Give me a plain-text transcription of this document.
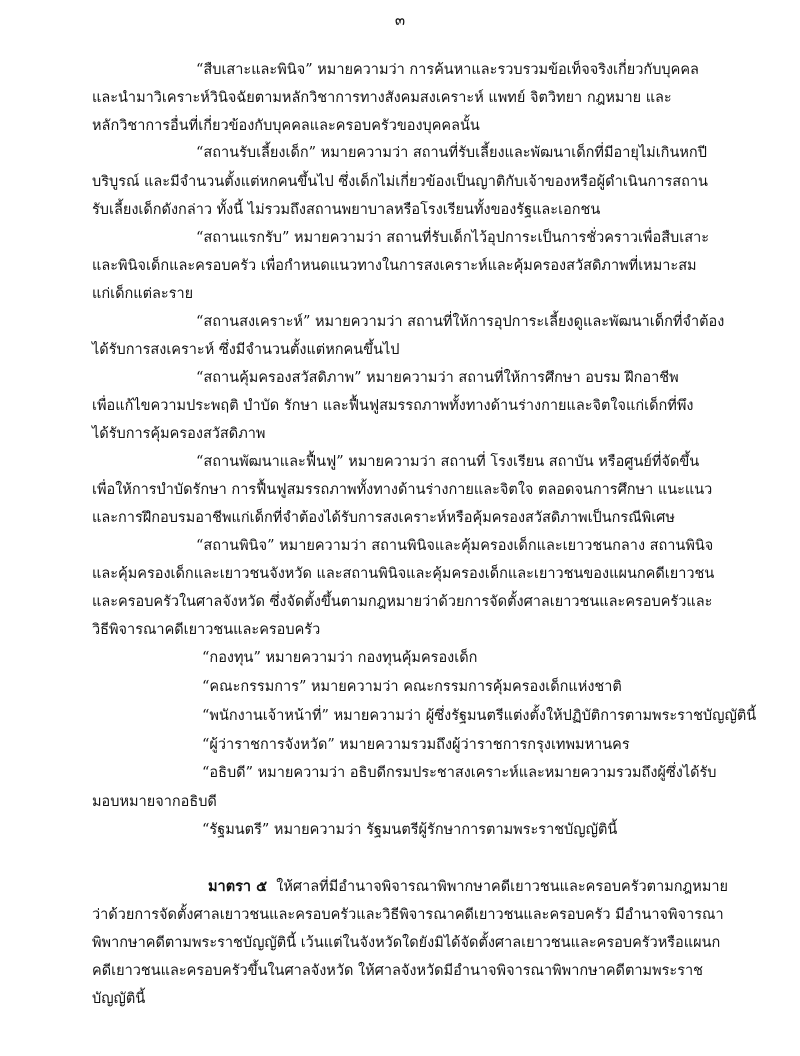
๓
“สืบเสาะและพินิจ” หมายความว่า การค้นหาและรวบรวมข้อเท็จจริงเกี่ยวกับบุคคล
และนำมาวิเคราะห์วินิจฉัยตามหลักวิชาการทางสังคมสงเคราะห์ แพทย์ จิตวิทยา กฎหมาย และ
หลักวิชาการอื่นที่เกี่ยวข้องกับบุคคลและครอบครัวของบุคคลนั้น
“สถานรับเลี้ยงเด็ก” หมายความว่า สถานที่รับเลี้ยงและพัฒนาเด็กที่มีอายุไม่เกินหกปี
บริบูรณ์ และมีจำนวนตั้งแต่หกคนขึ้นไป ซึ่งเด็กไม่เกี่ยวข้องเป็นญาติกับเจ้าของหรือผู้ดำเนินการสถาน
รับเลี้ยงเด็กดังกล่าว ทั้งนี้ ไม่รวมถึงสถานพยาบาลหรือโรงเรียนทั้งของรัฐและเอกชน
“สถานแรกรับ” หมายความว่า สถานที่รับเด็กไว้อุปการะเป็นการชั่วคราวเพื่อสืบเสาะ
และพินิจเด็กและครอบครัว เพื่อกำหนดแนวทางในการสงเคราะห์และคุ้มครองสวัสดิภาพที่เหมาะสม
แก่เด็กแต่ละราย
“สถานสงเคราะห์” หมายความว่า สถานที่ให้การอุปการะเลี้ยงดูและพัฒนาเด็กที่จำต้อง
ได้รับการสงเคราะห์ ซึ่งมีจำนวนตั้งแต่หกคนขึ้นไป
“สถานคุ้มครองสวัสดิภาพ” หมายความว่า สถานที่ให้การศึกษา อบรม ฝึกอาชีพ
เพื่อแก้ไขความประพฤติ บำบัด รักษา และฟื้นฟูสมรรถภาพทั้งทางด้านร่างกายและจิตใจแก่เด็กที่พึง
ได้รับการคุ้มครองสวัสดิภาพ
“สถานพัฒนาและฟื้นฟู” หมายความว่า สถานที่ โรงเรียน สถาบัน หรือศูนย์ที่จัดขึ้น
เพื่อให้การบำบัดรักษา การฟื้นฟูสมรรถภาพทั้งทางด้านร่างกายและจิตใจ ตลอดจนการศึกษา แนะแนว
และการฝึกอบรมอาชีพแก่เด็กที่จำต้องได้รับการสงเคราะห์หรือคุ้มครองสวัสดิภาพเป็นกรณีพิเศษ
“สถานพินิจ” หมายความว่า สถานพินิจและคุ้มครองเด็กและเยาวชนกลาง สถานพินิจ
และคุ้มครองเด็กและเยาวชนจังหวัด และสถานพินิจและคุ้มครองเด็กและเยาวชนของแผนกคดีเยาวชน
และครอบครัวในศาลจังหวัด ซึ่งจัดตั้งขึ้นตามกฎหมายว่าด้วยการจัดตั้งศาลเยาวชนและครอบครัวและ
วิธีพิจารณาคดีเยาวชนและครอบครัว
“กองทุน” หมายความว่า กองทุนคุ้มครองเด็ก
“คณะกรรมการ” หมายความว่า คณะกรรมการคุ้มครองเด็กแห่งชาติ
“พนักงานเจ้าหน้าที่” หมายความว่า ผู้ซึ่งรัฐมนตรีแต่งตั้งให้ปฏิบัติการตามพระราชบัญญัตินี้
“ผู้ว่าราชการจังหวัด” หมายความรวมถึงผู้ว่าราชการกรุงเทพมหานคร
“อธิบดี” หมายความว่า อธิบดีกรมประชาสงเคราะห์และหมายความรวมถึงผู้ซึ่งได้รับ
มอบหมายจากอธิบดี
“รัฐมนตรี” หมายความว่า รัฐมนตรีผู้รักษาการตามพระราชบัญญัตินี้
มาตรา ๕ ให้ศาลที่มีอำนาจพิจารณาพิพากษาคดีเยาวชนและครอบครัวตามกฎหมาย
ว่าด้วยการจัดตั้งศาลเยาวชนและครอบครัวและวิธีพิจารณาคดีเยาวชนและครอบครัว มีอำนาจพิจารณา
พิพากษาคดีตามพระราชบัญญัตินี้ เว้นแต่ในจังหวัดใดยังมิได้จัดตั้งศาลเยาวชนและครอบครัวหรือแผนก
คดีเยาวชนและครอบครัวขึ้นในศาลจังหวัด ให้ศาลจังหวัดมีอำนาจพิจารณาพิพากษาคดีตามพระราช
บัญญัตินี้
